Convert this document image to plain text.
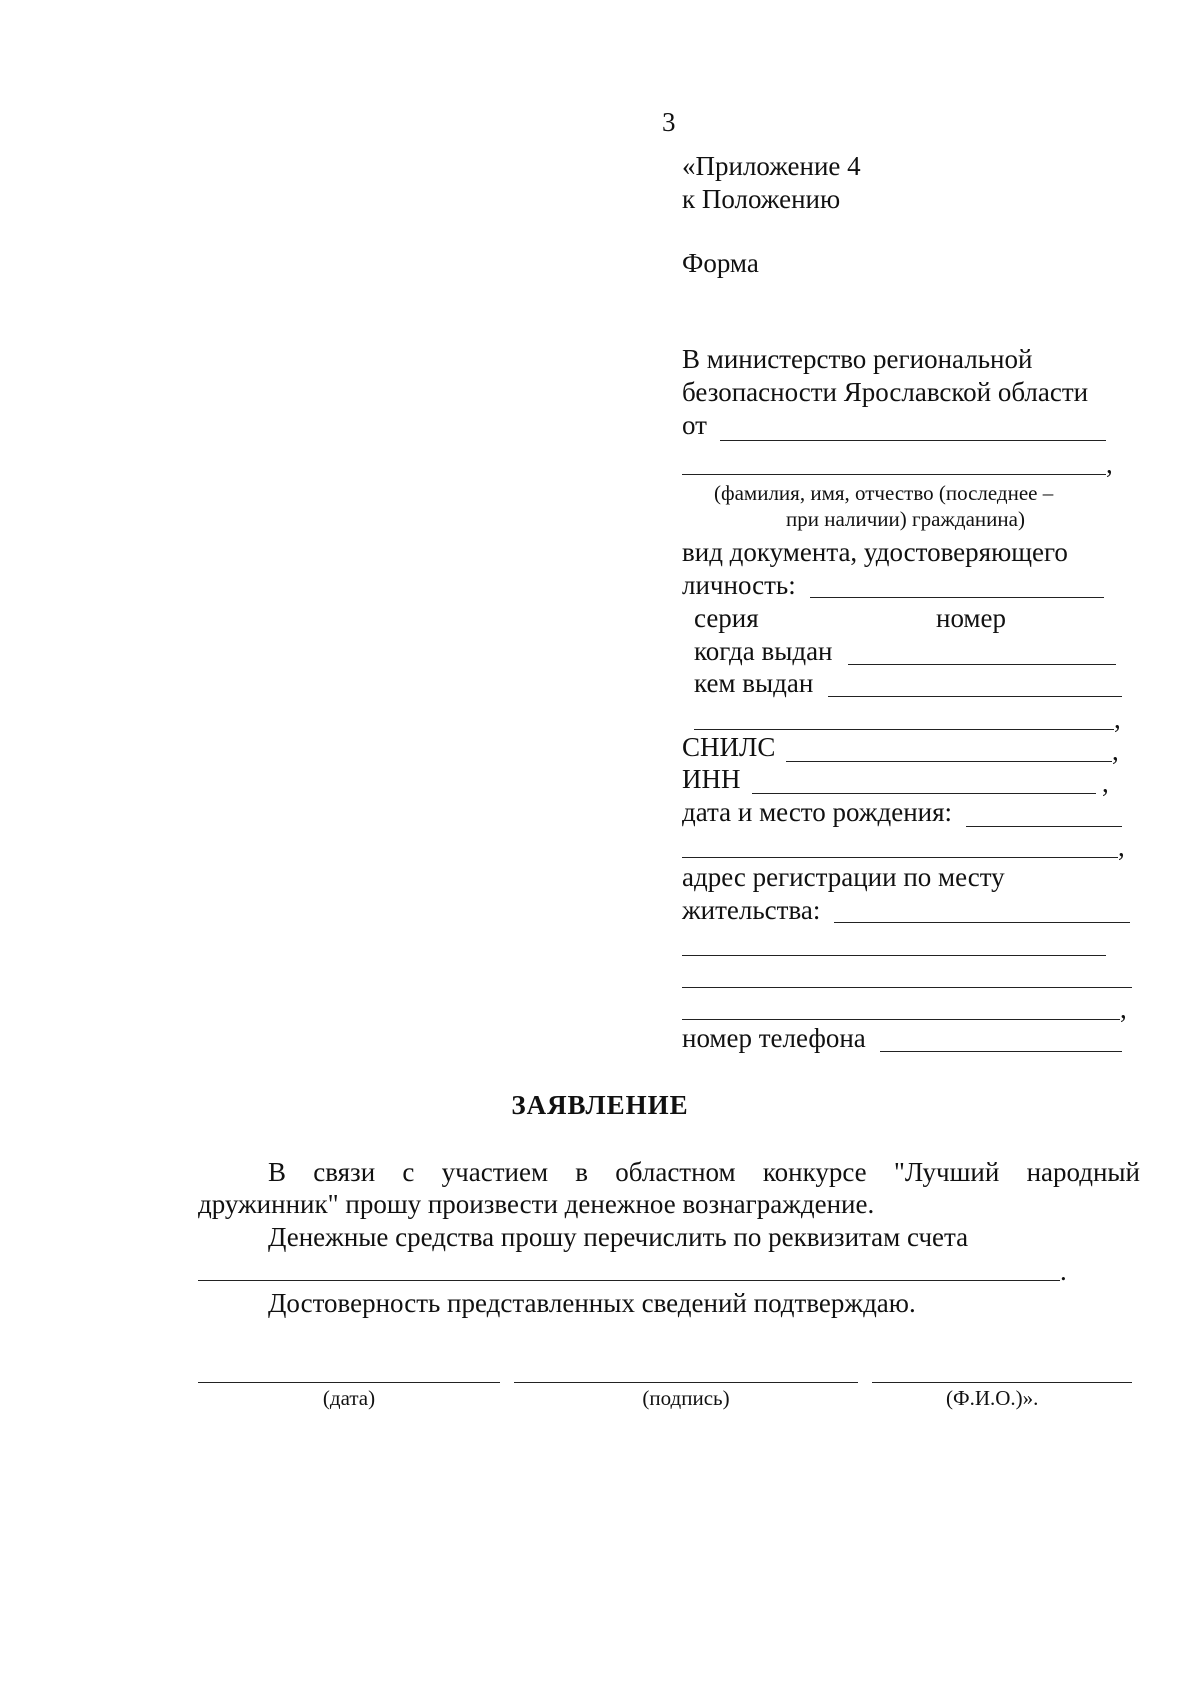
3
«Приложение 4
к Положению
Форма
В министерство региональной
безопасности Ярославской области
от
,
(фамилия, имя, отчество (последнее –
при наличии) гражданина)
вид документа, удостоверяющего
личность:
серия	номер
когда выдан
кем выдан
,
СНИЛС	,
ИНН	,
дата и место рождения:
,
адрес регистрации по месту
жительства:
,
номер телефона
ЗАЯВЛЕНИЕ
В связи с участием в областном конкурсе "Лучший народный
дружинник" прошу произвести денежное вознаграждение.
Денежные средства прошу перечислить по реквизитам счета
.
Достоверность представленных сведений подтверждаю.
(дата)	(подпись)	(Ф.И.О.)».
